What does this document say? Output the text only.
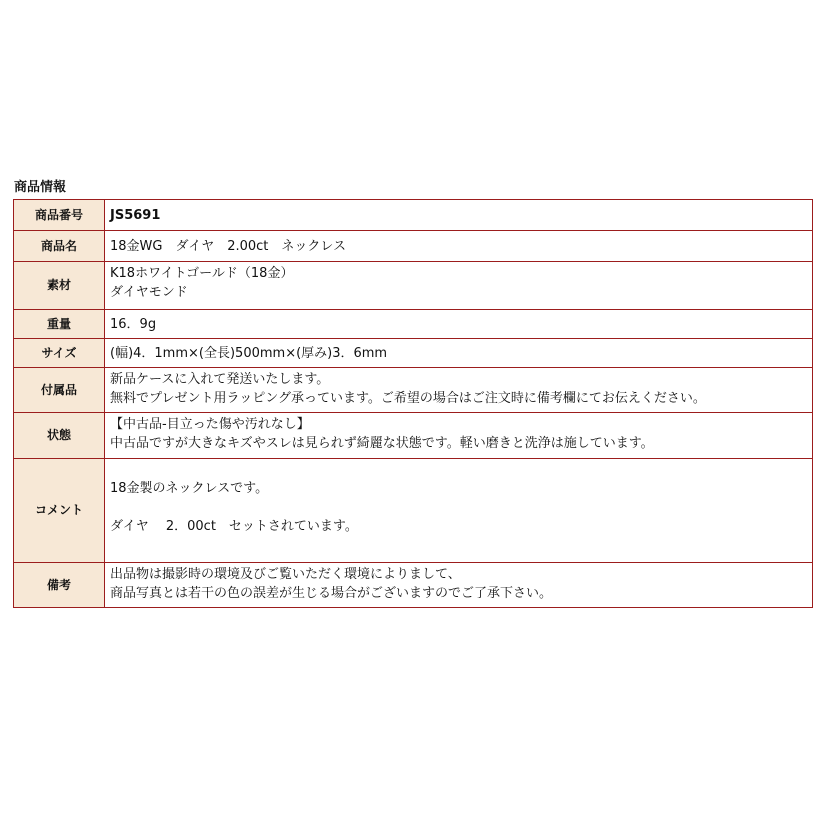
商品情報
商品番号	JS5691

商品名	18金WG　ダイヤ　2.00ct　ネックレス

素材	K18ホワイトゴールド（18金）
ダイヤモンド

重量	16．9g

サイズ	(幅)4．1mm×(全長)500mm×(厚み)3．6mm

付属品	新品ケースに入れて発送いたします。
無料でプレゼント用ラッピング承っています。ご希望の場合はご注文時に備考欄にてお伝えください。

状態	【中古品-目立った傷や汚れなし】
中古品ですが大きなキズやスレは見られず綺麗な状態です。軽い磨きと洗浄は施しています。

コメント	18金製のネックレスです。
ダイヤ　 2．00ct　セットされています。

備考	出品物は撮影時の環境及びご覧いただく環境によりまして、
商品写真とは若干の色の誤差が生じる場合がございますのでご了承下さい。
